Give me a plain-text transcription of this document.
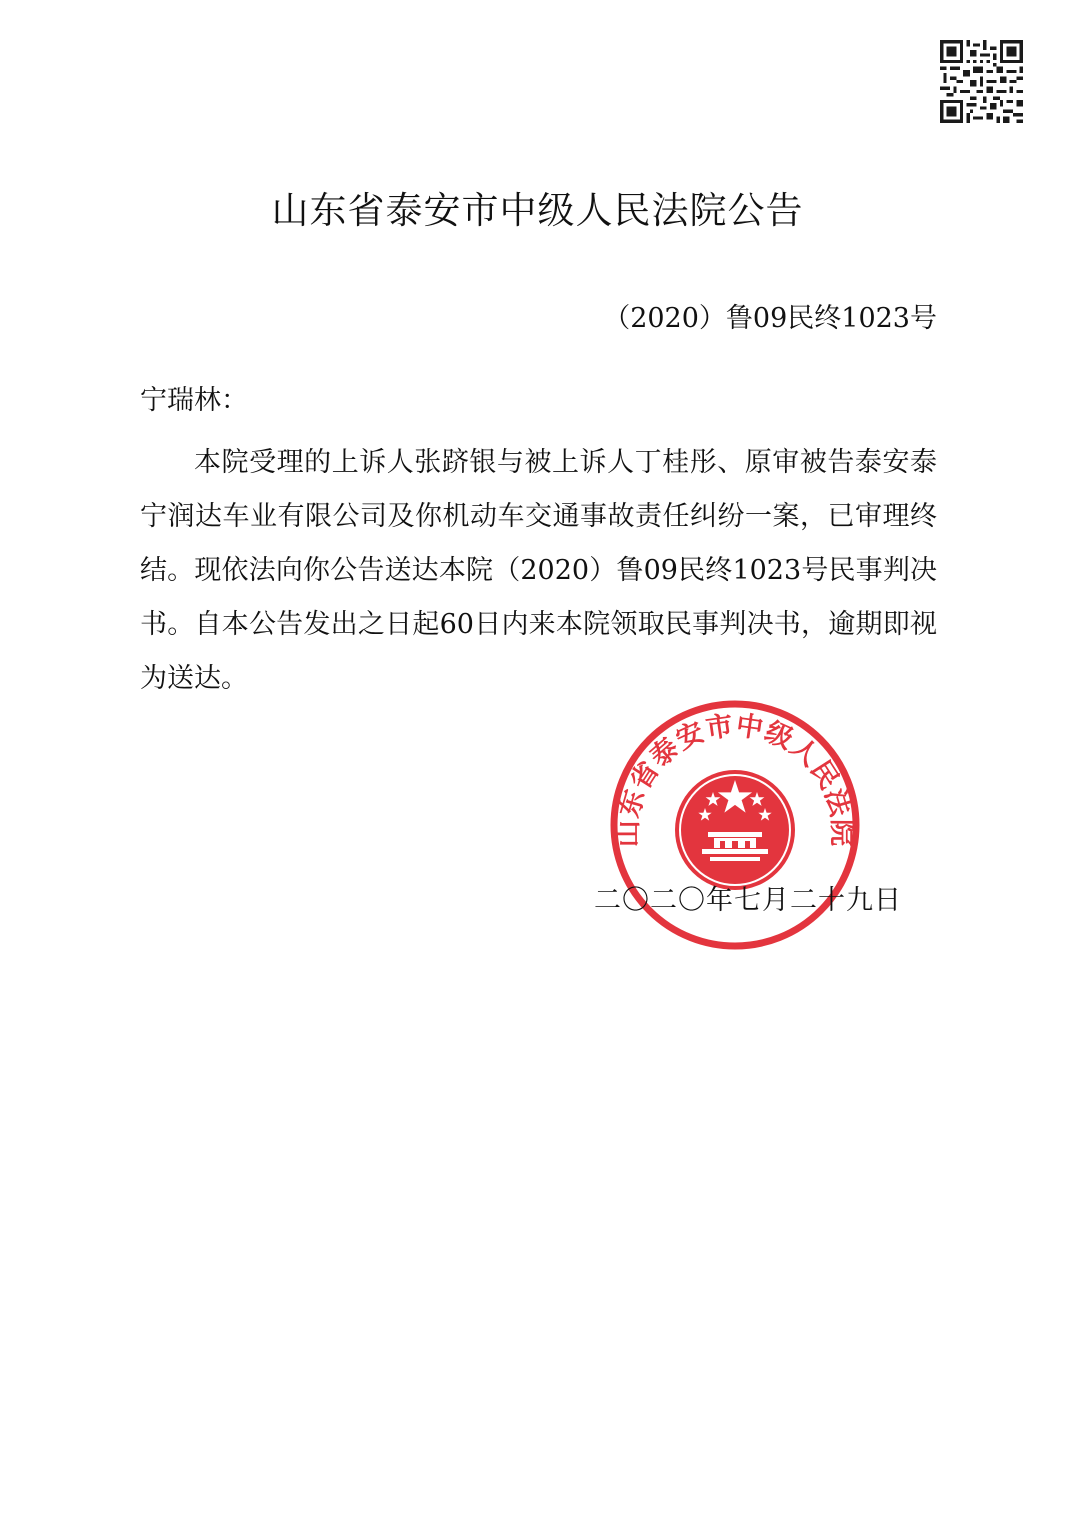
山东省泰安市中级人民法院公告
（2020）鲁09民终1023号
宁瑞林：

本院受理的上诉人张跻银与被上诉人丁桂彤、原审被告泰安泰宁润达车业有限公司及你机动车交通事故责任纠纷一案，已审理终结。现依法向你公告送达本院（2020）鲁09民终1023号民事判决书。自本公告发出之日起60日内来本院领取民事判决书，逾期即视为送达。

山东省泰安市中级人民法院
二〇二〇年七月二十九日
